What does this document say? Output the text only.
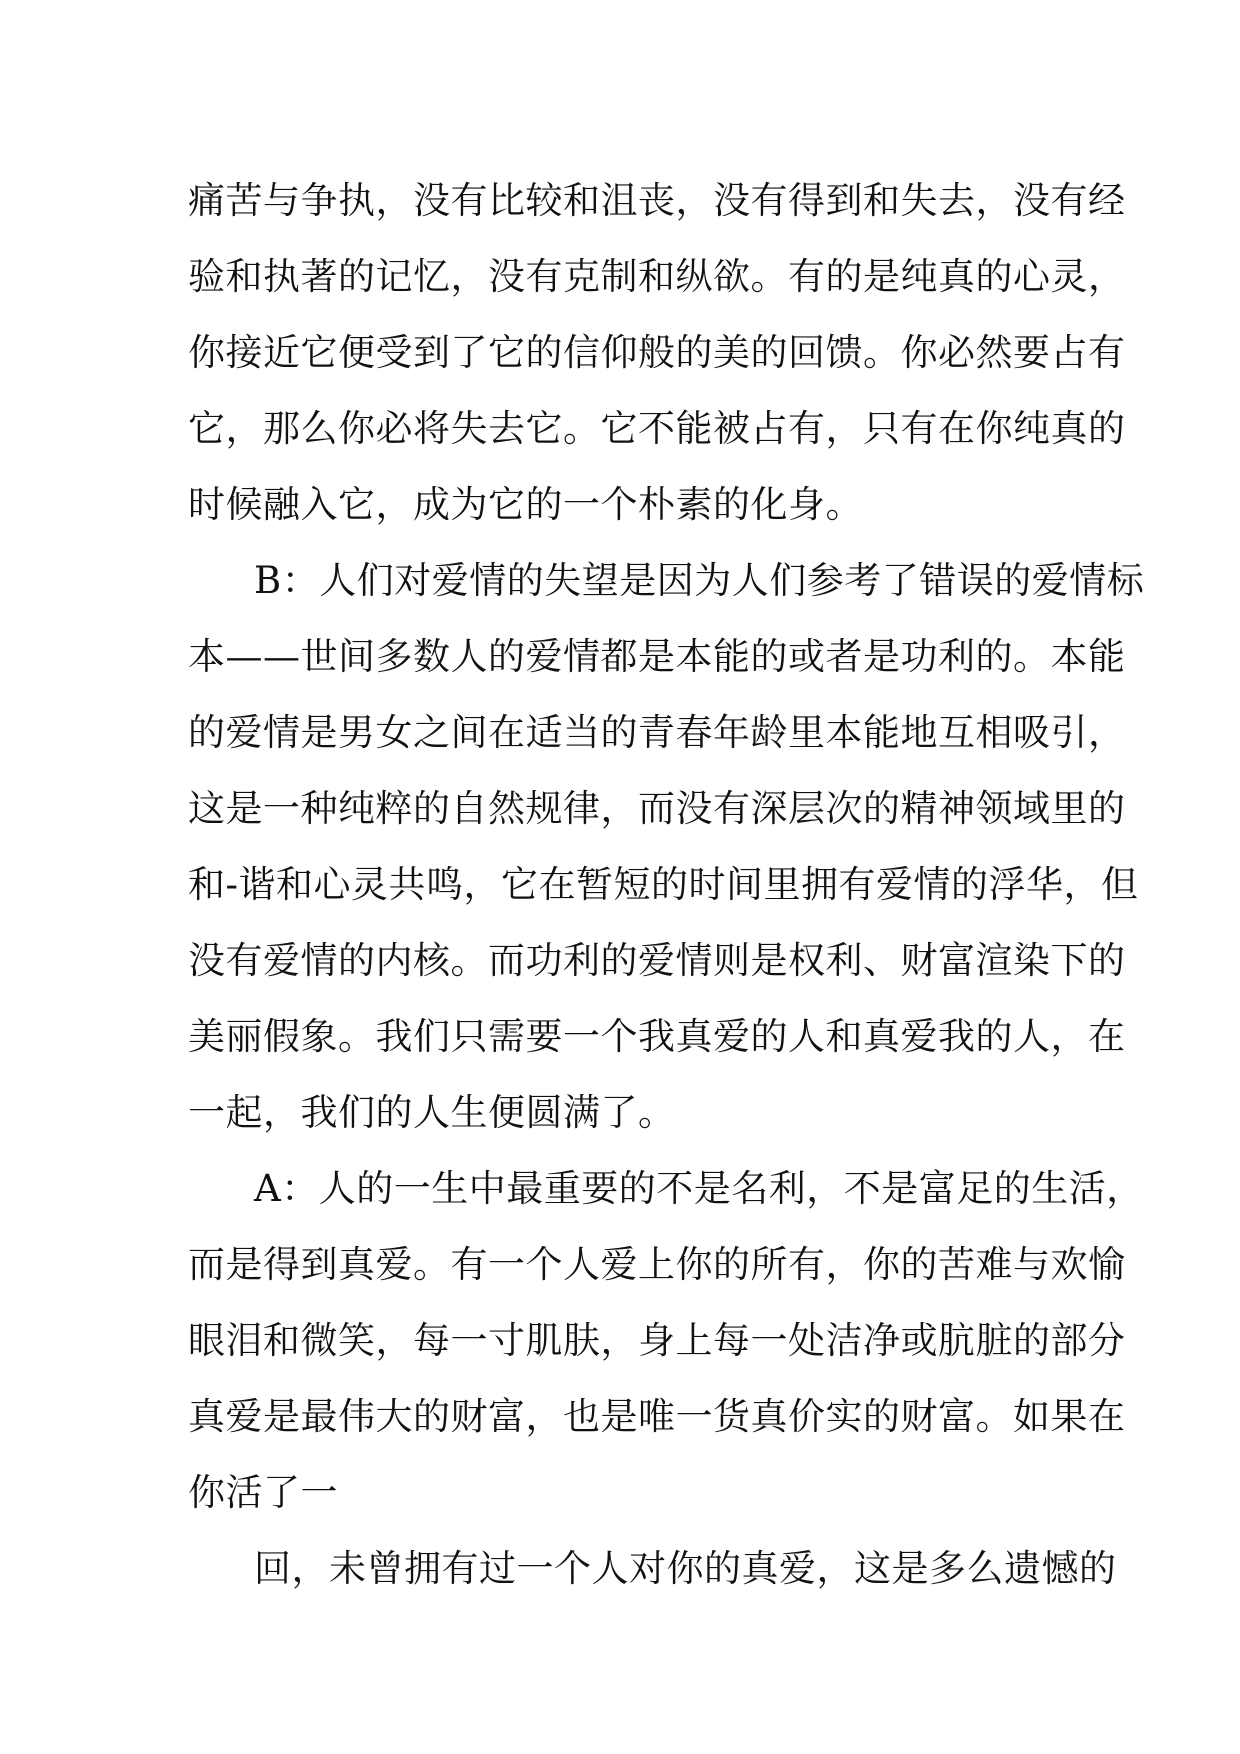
痛 苦 与 争 执 ， 没 有 比 较 和 沮 丧 ， 没 有 得 到 和 失 去 ， 没 有 经
验 和 执 著 的 记 忆 ， 没 有 克 制 和 纵 欲 。 有 的 是 纯 真 的 心 灵 ，
你 接 近 它 便 受 到 了 它 的 信 仰 般 的 美 的 回 馈 。 你 必 然 要 占 有
它 ， 那 么 你 必 将 失 去 它 。 它 不 能 被 占 有 ， 只 有 在 你 纯 真 的
时候融入它，成为它的一个朴素的化身。
B ： 人 们 对 爱 情 的 失 望 是 因 为 人 们 参 考 了 错 误 的 爱 情 标
本 — — 世 间 多 数 人 的 爱 情 都 是 本 能 的 或 者 是 功 利 的 。 本 能
的 爱 情 是 男 女 之 间 在 适 当 的 青 春 年 龄 里 本 能 地 互 相 吸 引 ，
这 是 一 种 纯 粹 的 自 然 规 律 ， 而 没 有 深 层 次 的 精 神 领 域 里 的
和 - 谐 和 心 灵 共 鸣 ， 它 在 暂 短 的 时 间 里 拥 有 爱 情 的 浮 华 ， 但
没 有 爱 情 的 内 核 。 而 功 利 的 爱 情 则 是 权 利 、 财 富 渲 染 下 的
美 丽 假 象 。 我 们 只 需 要 一 个 我 真 爱 的 人 和 真 爱 我 的 人 ， 在
一起，我们的人生便圆满了。
A ： 人 的 一 生 中 最 重 要 的 不 是 名 利 ， 不 是 富 足 的 生 活 ，
而 是 得 到 真 爱 。 有 一 个 人 爱 上 你 的 所 有 ， 你 的 苦 难 与 欢 愉
眼 泪 和 微 笑 ， 每 一 寸 肌 肤 ， 身 上 每 一 处 洁 净 或 肮 脏 的 部 分
真 爱 是 最 伟 大 的 财 富 ， 也 是 唯 一 货 真 价 实 的 财 富 。 如 果 在
你活了一
回 ， 未 曾 拥 有 过 一 个 人 对 你 的 真 爱 ， 这 是 多 么 遗 憾 的
